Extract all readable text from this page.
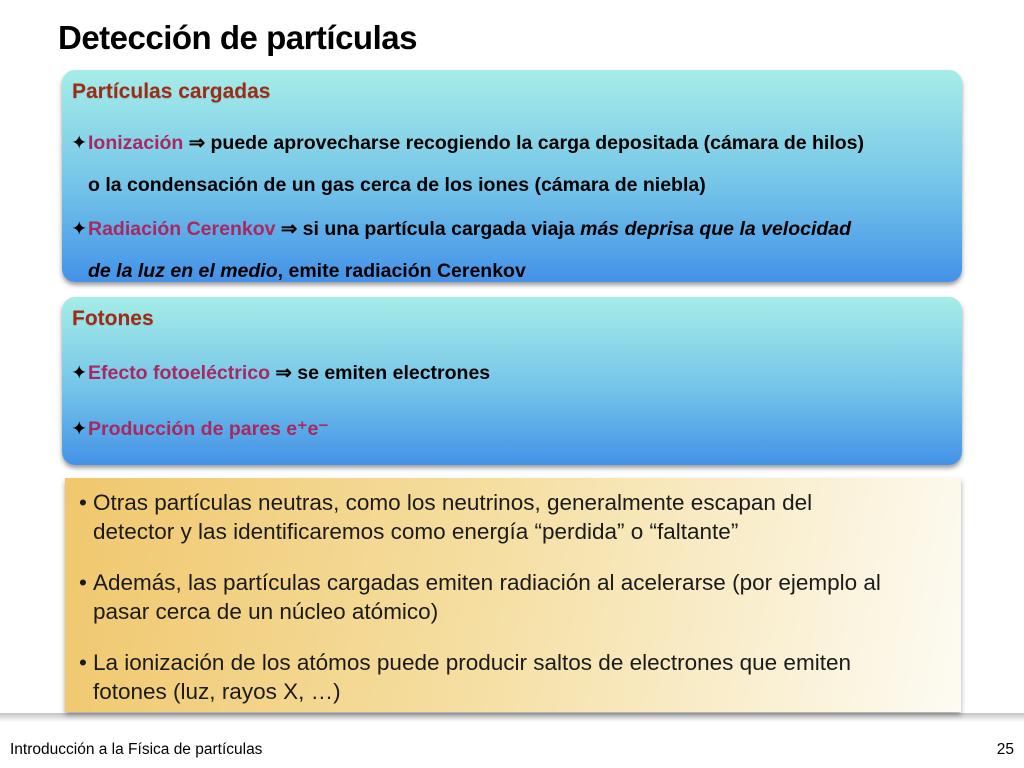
Detección de partículas
Partículas cargadas
✦Ionización ⇒ puede aprovecharse recogiendo la carga depositada (cámara de hilos)
o la condensación de un gas cerca de los iones (cámara de niebla)
✦Radiación Cerenkov ⇒ si una partícula cargada viaja más deprisa que la velocidad
de la luz en el medio, emite radiación Cerenkov
Fotones
✦Efecto fotoeléctrico ⇒ se emiten electrones
✦Producción de pares e⁺e⁻
• Otras partículas neutras, como los neutrinos, generalmente escapan del
detector y las identificaremos como energía “perdida” o “faltante”
• Además, las partículas cargadas emiten radiación al acelerarse (por ejemplo al
pasar cerca de un núcleo atómico)
• La ionización de los atómos puede producir saltos de electrones que emiten
fotones (luz, rayos X, …)
Introducción a la Física de partículas	25
